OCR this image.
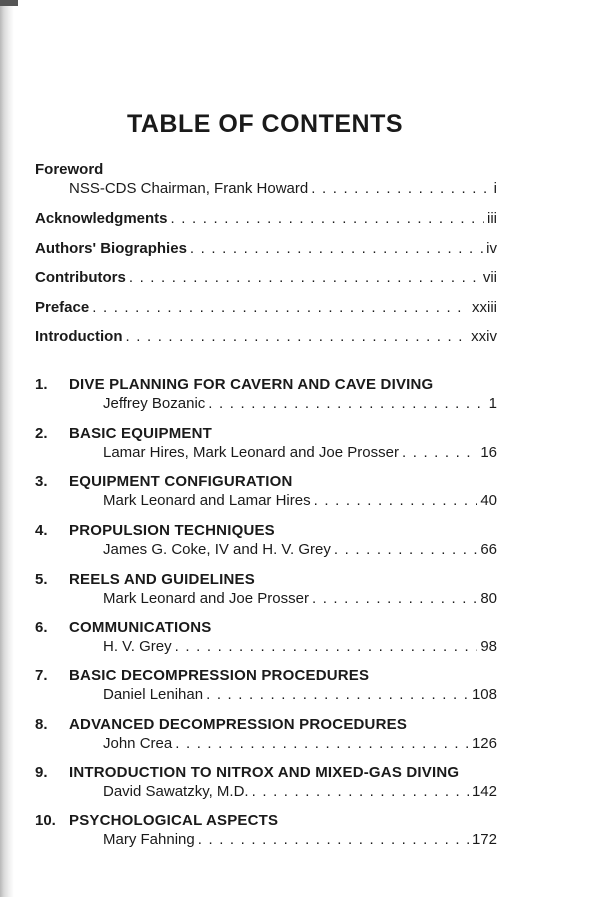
TABLE OF CONTENTS
Foreword
NSS-CDS Chairman, Frank Howard . . .	i
Acknowledgments . . .	iii
Authors' Biographies . . .	iv
Contributors . . .	vii
Preface . . .	xxiii
Introduction . . .	xxiv
1. DIVE PLANNING FOR CAVERN AND CAVE DIVING
Jeffrey Bozanic . . .	1
2. BASIC EQUIPMENT
Lamar Hires, Mark Leonard and Joe Prosser . . .	16
3. EQUIPMENT CONFIGURATION
Mark Leonard and Lamar Hires . . .	40
4. PROPULSION TECHNIQUES
James G. Coke, IV and H. V. Grey . . .	66
5. REELS AND GUIDELINES
Mark Leonard and Joe Prosser . . .	80
6. COMMUNICATIONS
H. V. Grey . . .	98
7. BASIC DECOMPRESSION PROCEDURES
Daniel Lenihan . . .	108
8. ADVANCED DECOMPRESSION PROCEDURES
John Crea . . .	126
9. INTRODUCTION TO NITROX AND MIXED-GAS DIVING
David Sawatzky, M.D. . . .	142
10. PSYCHOLOGICAL ASPECTS
Mary Fahning . . .	172
